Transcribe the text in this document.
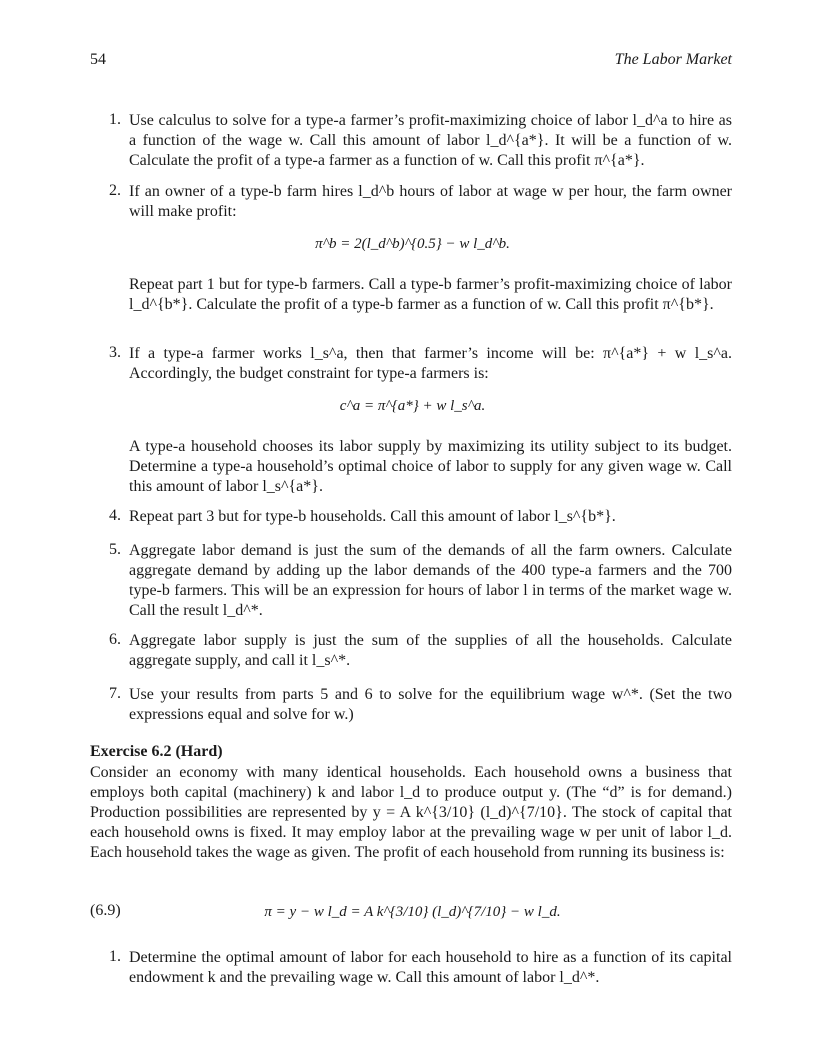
54	The Labor Market
1. Use calculus to solve for a type-a farmer’s profit-maximizing choice of labor l_d^a to hire as a function of the wage w. Call this amount of labor l_d^{a*}. It will be a function of w. Calculate the profit of a type-a farmer as a function of w. Call this profit π^{a*}.
2. If an owner of a type-b farm hires l_d^b hours of labor at wage w per hour, the farm owner will make profit:
Repeat part 1 but for type-b farmers. Call a type-b farmer’s profit-maximizing choice of labor l_d^{b*}. Calculate the profit of a type-b farmer as a function of w. Call this profit π^{b*}.
3. If a type-a farmer works l_s^a, then that farmer’s income will be: π^{a*} + w l_s^a. Accordingly, the budget constraint for type-a farmers is:
A type-a household chooses its labor supply by maximizing its utility subject to its budget. Determine a type-a household’s optimal choice of labor to supply for any given wage w. Call this amount of labor l_s^{a*}.
4. Repeat part 3 but for type-b households. Call this amount of labor l_s^{b*}.
5. Aggregate labor demand is just the sum of the demands of all the farm owners. Calculate aggregate demand by adding up the labor demands of the 400 type-a farmers and the 700 type-b farmers. This will be an expression for hours of labor l in terms of the market wage w. Call the result l_d^*.
6. Aggregate labor supply is just the sum of the supplies of all the households. Calculate aggregate supply, and call it l_s^*.
7. Use your results from parts 5 and 6 to solve for the equilibrium wage w^*. (Set the two expressions equal and solve for w.)
π^b = 2(l_d^b)^{0.5} − w l_d^b.
c^a = π^{a*} + w l_s^a.
Exercise 6.2 (Hard)
Consider an economy with many identical households. Each household owns a business that employs both capital (machinery) k and labor l_d to produce output y. (The “d” is for demand.) Production possibilities are represented by y = A k^{3/10} (l_d)^{7/10}. The stock of capital that each household owns is fixed. It may employ labor at the prevailing wage w per unit of labor l_d. Each household takes the wage as given. The profit of each household from running its business is:
(6.9)	π = y − w l_d = A k^{3/10} (l_d)^{7/10} − w l_d.
1. Determine the optimal amount of labor for each household to hire as a function of its capital endowment k and the prevailing wage w. Call this amount of labor l_d^*.
